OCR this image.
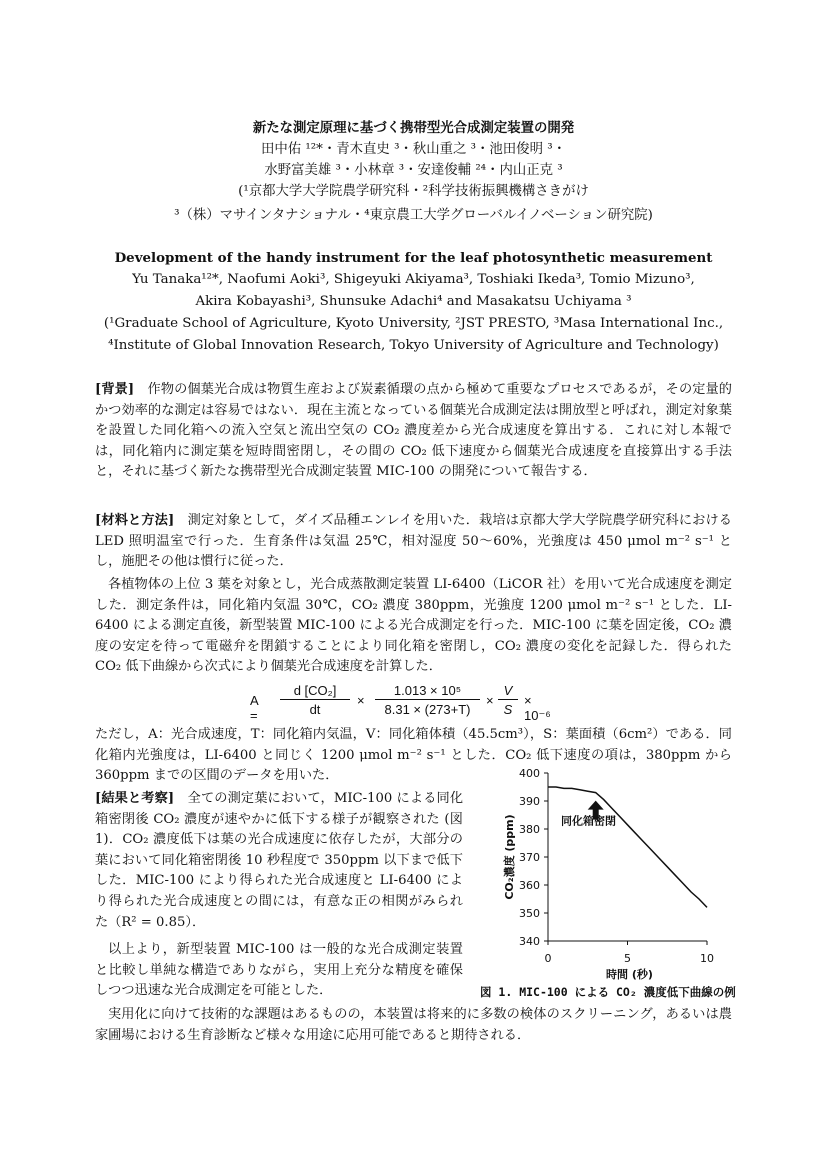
新たな測定原理に基づく携帯型光合成測定装置の開発
田中佑 ¹²*・青木直史 ³・秋山重之 ³・池田俊明 ³・
水野富美雄 ³・小林章 ³・安達俊輔 ²⁴・内山正克 ³
(¹京都大学大学院農学研究科・²科学技術振興機構さきがけ
³（株）マサインタナショナル・⁴東京農工大学グローバルイノベーション研究院)
Development of the handy instrument for the leaf photosynthetic measurement
Yu Tanaka¹²*, Naofumi Aoki³, Shigeyuki Akiyama³, Toshiaki Ikeda³, Tomio Mizuno³,
Akira Kobayashi³, Shunsuke Adachi⁴ and Masakatsu Uchiyama ³
(¹Graduate School of Agriculture, Kyoto University, ²JST PRESTO, ³Masa International Inc.,
⁴Institute of Global Innovation Research, Tokyo University of Agriculture and Technology)

[背景]　作物の個葉光合成は物質生産および炭素循環の点から極めて重要なプロセスであるが，その定量的かつ効率的な測定は容易ではない．現在主流となっている個葉光合成測定法は開放型と呼ばれ，測定対象葉を設置した同化箱への流入空気と流出空気の CO₂ 濃度差から光合成速度を算出する．これに対し本報では，同化箱内に測定葉を短時間密閉し，その間の CO₂ 低下速度から個葉光合成速度を直接算出する手法と，それに基づく新たな携帯型光合成測定装置 MIC-100 の開発について報告する．

[材料と方法]　測定対象として，ダイズ品種エンレイを用いた．栽培は京都大学大学院農学研究科における LED 照明温室で行った．生育条件は気温 25℃，相対湿度 50～60%，光強度は 450 μmol m⁻² s⁻¹ とし，施肥その他は慣行に従った．

各植物体の上位 3 葉を対象とし，光合成蒸散測定装置 LI-6400（LiCOR 社）を用いて光合成速度を測定した．測定条件は，同化箱内気温 30℃，CO₂ 濃度 380ppm，光強度 1200 μmol m⁻² s⁻¹ とした．LI-6400 による測定直後，新型装置 MIC-100 による光合成測定を行った．MIC-100 に葉を固定後，CO₂ 濃度の安定を待って電磁弁を閉鎖することにより同化箱を密閉し，CO₂ 濃度の変化を記録した．得られた CO₂ 低下曲線から次式により個葉光合成速度を計算した．

$A = \frac{\text{d [CO₂]}}{dt} \times \frac{\text{1.013 × 10⁵}}{8.31 \times (273+T)} \times \frac{V}{S} \times 10^{-6}$

ただし，A：光合成速度，T：同化箱内気温，V：同化箱体積（45.5cm³），S：葉面積（6cm²）である．同化箱内光強度は，LI-6400 と同じく 1200 μmol m⁻² s⁻¹ とした．CO₂ 低下速度の項は，380ppm から 360ppm までの区間のデータを用いた．

[結果と考察]　全ての測定葉において，MIC-100 による同化箱密閉後 CO₂ 濃度が速やかに低下する様子が観察された (図 1)．CO₂ 濃度低下は葉の光合成速度に依存したが，大部分の葉において同化箱密閉後 10 秒程度で 350ppm 以下まで低下した．MIC-100 により得られた光合成速度と LI-6400 により得られた光合成速度との間には，有意な正の相関がみられた（R² = 0.85）．

以上より，新型装置 MIC-100 は一般的な光合成測定装置と比較し単純な構造でありながら，実用上充分な精度を確保しつつ迅速な光合成測定を可能とした．

実用化に向けて技術的な課題はあるものの，本装置は将来的に多数の検体のスクリーニング，あるいは農家圃場における生育診断など様々な用途に応用可能であると期待される．

340
350
360
370
380
390
400
0	5	10
CO₂濃度 (ppm)
時間 (秒)
同化箱密閉
図 1. MIC-100 による CO₂ 濃度低下曲線の例
